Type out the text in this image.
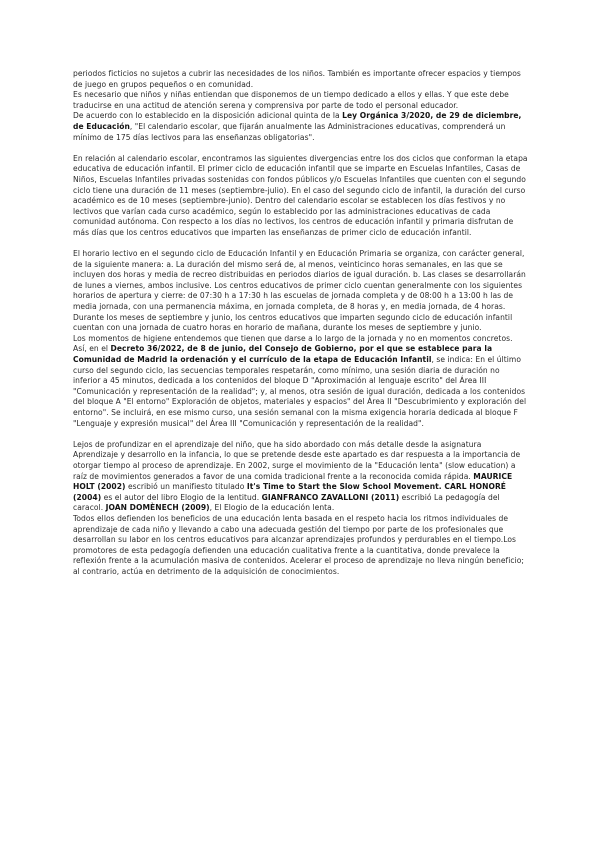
periodos ficticios no sujetos a cubrir las necesidades de los niños. También es importante ofrecer espacios y tiempos de juego en grupos pequeños o en comunidad.

Es necesario que niños y niñas entiendan que disponemos de un tiempo dedicado a ellos y ellas. Y que este debe traducirse en una actitud de atención serena y comprensiva por parte de todo el personal educador.

De acuerdo con lo establecido en la disposición adicional quinta de la Ley Orgánica 3/2020, de 29 de diciembre, de Educación, "El calendario escolar, que fijarán anualmente las Administraciones educativas, comprenderá un mínimo de 175 días lectivos para las enseñanzas obligatorias".

En relación al calendario escolar, encontramos las siguientes divergencias entre los dos ciclos que conforman la etapa educativa de educación infantil. El primer ciclo de educación infantil que se imparte en Escuelas Infantiles, Casas de Niños, Escuelas Infantiles privadas sostenidas con fondos públicos y/o Escuelas Infantiles que cuenten con el segundo ciclo tiene una duración de 11 meses (septiembre-julio). En el caso del segundo ciclo de infantil, la duración del curso académico es de 10 meses (septiembre-junio). Dentro del calendario escolar se establecen los días festivos y no lectivos que varían cada curso académico, según lo establecido por las administraciones educativas de cada comunidad autónoma. Con respecto a los días no lectivos, los centros de educación infantil y primaria disfrutan de más días que los centros educativos que imparten las enseñanzas de primer ciclo de educación infantil.

El horario lectivo en el segundo ciclo de Educación Infantil y en Educación Primaria se organiza, con carácter general, de la siguiente manera: a. La duración del mismo será de, al menos, veinticinco horas semanales, en las que se incluyen dos horas y media de recreo distribuidas en periodos diarios de igual duración. b. Las clases se desarrollarán de lunes a viernes, ambos inclusive. Los centros educativos de primer ciclo cuentan generalmente con los siguientes horarios de apertura y cierre: de 07:30 h a 17:30 h las escuelas de jornada completa y de 08:00 h a 13:00 h las de media jornada, con una permanencia máxima, en jornada completa, de 8 horas y, en media jornada, de 4 horas. Durante los meses de septiembre y junio, los centros educativos que imparten segundo ciclo de educación infantil cuentan con una jornada de cuatro horas en horario de mañana, durante los meses de septiembre y junio.

Los momentos de higiene entendemos que tienen que darse a lo largo de la jornada y no en momentos concretos. Así, en el Decreto 36/2022, de 8 de junio, del Consejo de Gobierno, por el que se establece para la Comunidad de Madrid la ordenación y el currículo de la etapa de Educación Infantil, se indica: En el último curso del segundo ciclo, las secuencias temporales respetarán, como mínimo, una sesión diaria de duración no inferior a 45 minutos, dedicada a los contenidos del bloque D "Aproximación al lenguaje escrito" del Área III "Comunicación y representación de la realidad"; y, al menos, otra sesión de igual duración, dedicada a los contenidos del bloque A "El entorno" Exploración de objetos, materiales y espacios" del Área II "Descubrimiento y exploración del entorno". Se incluirá, en ese mismo curso, una sesión semanal con la misma exigencia horaria dedicada al bloque F "Lenguaje y expresión musical" del Área III "Comunicación y representación de la realidad".

Lejos de profundizar en el aprendizaje del niño, que ha sido abordado con más detalle desde la asignatura Aprendizaje y desarrollo en la infancia, lo que se pretende desde este apartado es dar respuesta a la importancia de otorgar tiempo al proceso de aprendizaje. En 2002, surge el movimiento de la "Educación lenta" (slow education) a raíz de movimientos generados a favor de una comida tradicional frente a la reconocida comida rápida. MAURICE HOLT (2002) escribió un manifiesto titulado It's Time to Start the Slow School Movement. CARL HONORÉ (2004) es el autor del libro Elogio de la lentitud. GIANFRANCO ZAVALLONI (2011) escribió La pedagogía del caracol. JOAN DOMÈNECH (2009), El Elogio de la educación lenta.

Todos ellos defienden los beneficios de una educación lenta basada en el respeto hacia los ritmos individuales de aprendizaje de cada niño y llevando a cabo una adecuada gestión del tiempo por parte de los profesionales que desarrollan su labor en los centros educativos para alcanzar aprendizajes profundos y perdurables en el tiempo.Los promotores de esta pedagogía defienden una educación cualitativa frente a la cuantitativa, donde prevalece la reflexión frente a la acumulación masiva de contenidos. Acelerar el proceso de aprendizaje no lleva ningún beneficio; al contrario, actúa en detrimento de la adquisición de conocimientos.
